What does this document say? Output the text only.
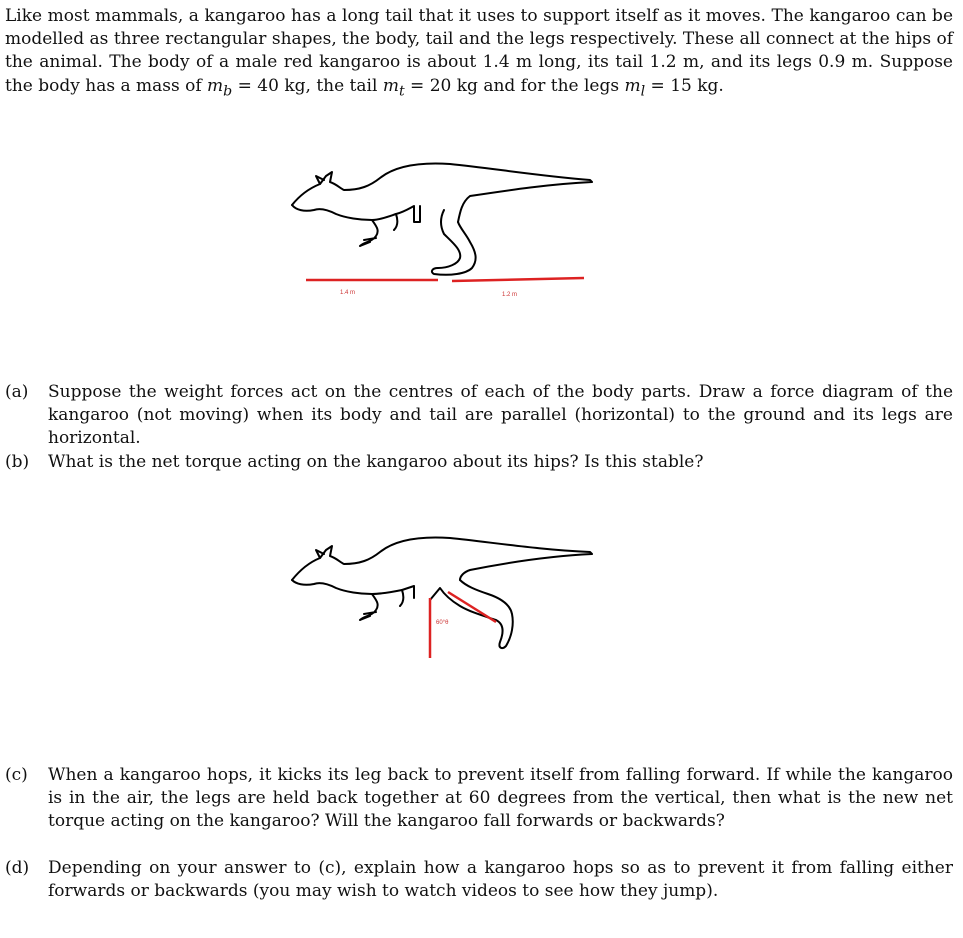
Like most mammals, a kangaroo has a long tail that it uses to support itself as it moves. The kangaroo can be modelled as three rectangular shapes, the body, tail and the legs respectively. These all connect at the hips of the animal. The body of a male red kangaroo is about 1.4 m long, its tail 1.2 m, and its legs 0.9 m. Suppose the body has a mass of $m_b = 40$ kg, the tail $m_t = 20$ kg and for the legs $m_l = 15$ kg.

1.4 m	1.2 m

(a)	Suppose the weight forces act on the centres of each of the body parts. Draw a force diagram of the kangaroo (not moving) when its body and tail are parallel (horizontal) to the ground and its legs are horizontal.

(b)	What is the net torque acting on the kangaroo about its hips? Is this stable?

60°θ

(c)	When a kangaroo hops, it kicks its leg back to prevent itself from falling forward. If while the kangaroo is in the air, the legs are held back together at 60 degrees from the vertical, then what is the new net torque acting on the kangaroo? Will the kangaroo fall forwards or backwards?

(d)	Depending on your answer to (c), explain how a kangaroo hops so as to prevent it from falling either forwards or backwards (you may wish to watch videos to see how they jump).
